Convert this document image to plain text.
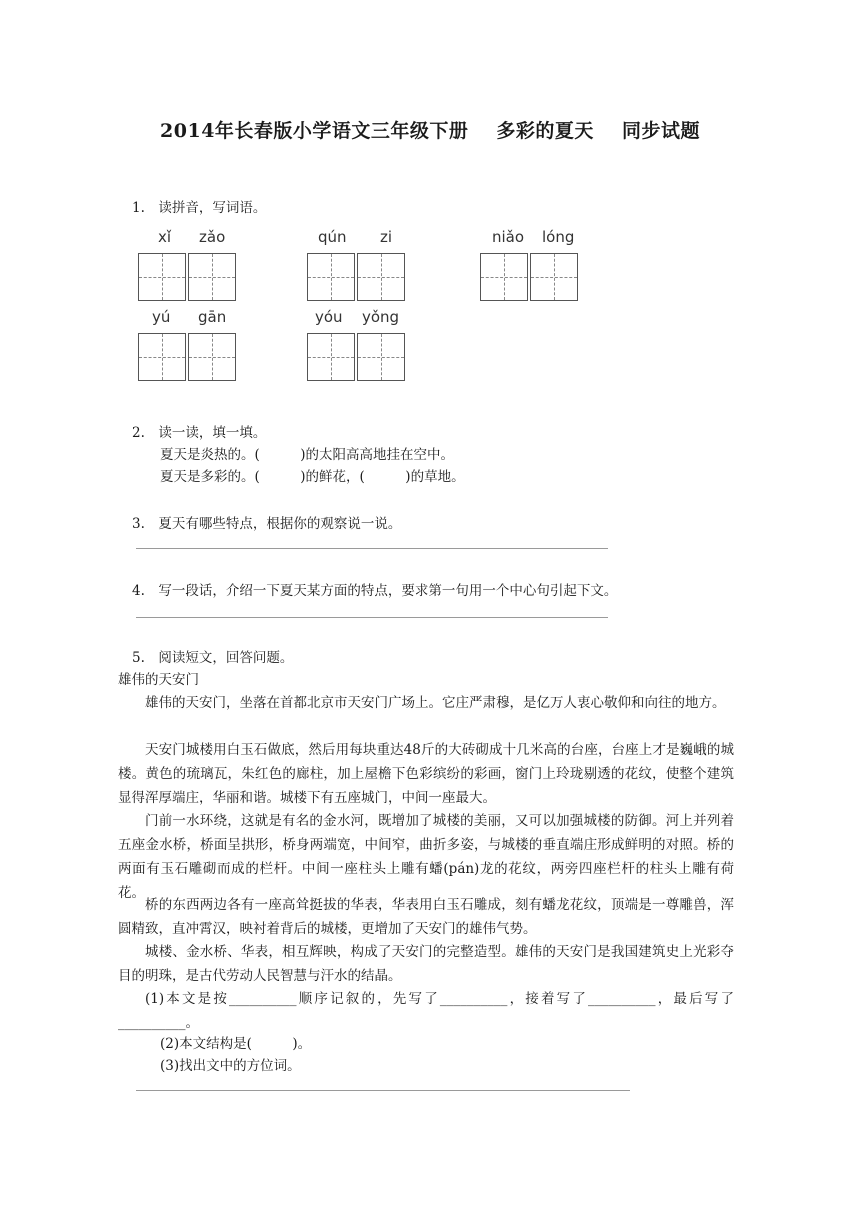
2014年长春版小学语文三年级下册 多彩的夏天 同步试题
1.　读拼音，写词语。
xǐ zǎo	qún zi	niǎo lóng
yú gān	yóu yǒng
2.　读一读，填一填。
夏天是炎热的。(　　　)的太阳高高地挂在空中。
夏天是多彩的。(　　　)的鲜花，(　　　)的草地。
3.　夏天有哪些特点，根据你的观察说一说。
4.　写一段话，介绍一下夏天某方面的特点，要求第一句用一个中心句引起下文。
5.　阅读短文，回答问题。
雄伟的天安门
雄伟的天安门，坐落在首都北京市天安门广场上。它庄严肃穆，是亿万人衷心敬仰和向往的地方。
天安门城楼用白玉石做底，然后用每块重达48斤的大砖砌成十几米高的台座，台座上才是巍峨的城楼。黄色的琉璃瓦，朱红色的廊柱，加上屋檐下色彩缤纷的彩画，窗门上玲珑剔透的花纹，使整个建筑显得浑厚端庄，华丽和谐。城楼下有五座城门，中间一座最大。
门前一水环绕，这就是有名的金水河，既增加了城楼的美丽，又可以加强城楼的防御。河上并列着五座金水桥，桥面呈拱形，桥身两端宽，中间窄，曲折多姿，与城楼的垂直端庄形成鲜明的对照。桥的两面有玉石雕砌而成的栏杆。中间一座柱头上雕有蟠(pán)龙的花纹，两旁四座栏杆的柱头上雕有荷花。
桥的东西两边各有一座高耸挺拔的华表，华表用白玉石雕成，刻有蟠龙花纹，顶端是一尊雕兽，浑圆精致，直冲霄汉，映衬着背后的城楼，更增加了天安门的雄伟气势。
城楼、金水桥、华表，相互辉映，构成了天安门的完整造型。雄伟的天安门是我国建筑史上光彩夺目的明珠，是古代劳动人民智慧与汗水的结晶。
(1)本文是按__________顺序记叙的，先写了__________，接着写了__________，最后写了__________。
(2)本文结构是(　　　)。
(3)找出文中的方位词。
